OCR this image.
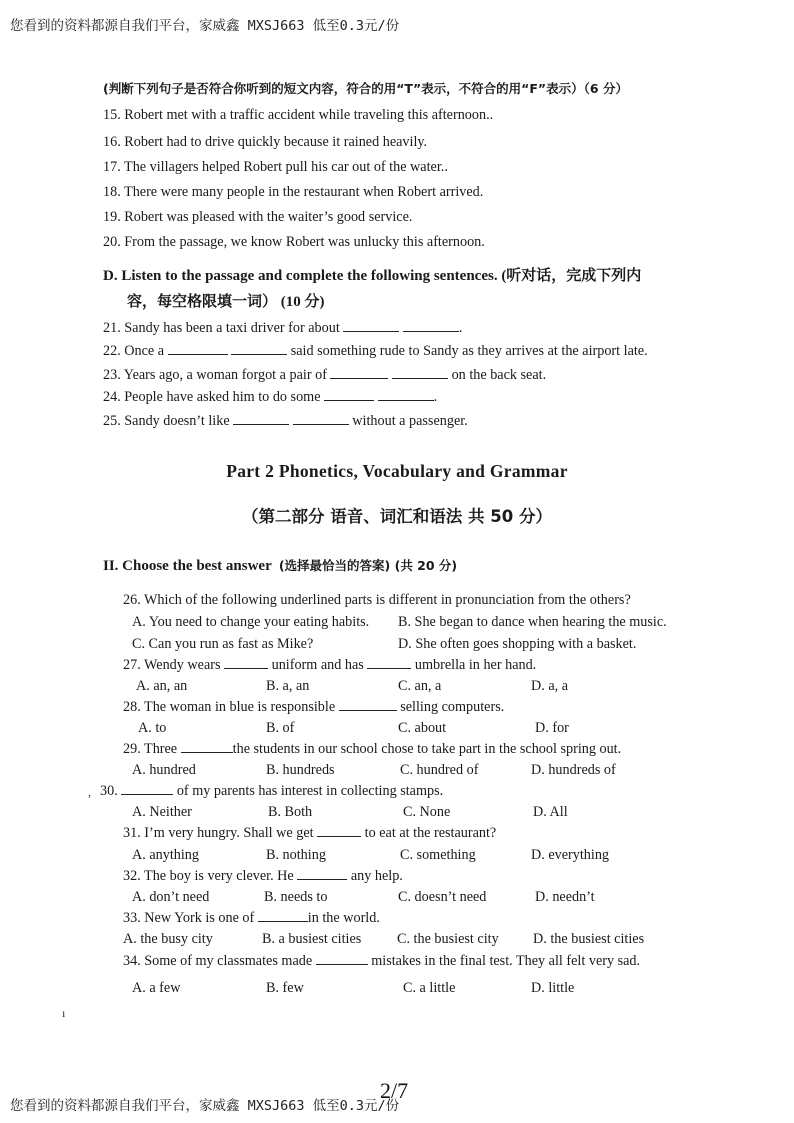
您看到的资料都源自我们平台，家威鑫 MXSJ663 低至0.3元/份
(判断下列句子是否符合你听到的短文内容，符合的用“T”表示，不符合的用“F”表示）（6 分）
15. Robert met with a traffic accident while traveling this afternoon..
16. Robert had to drive quickly because it rained heavily.
17. The villagers helped Robert pull his car out of the water..
18. There were many people in the restaurant when Robert arrived.
19. Robert was pleased with the waiter’s good service.
20. From the passage, we know Robert was unlucky this afternoon.
D. Listen to the passage and complete the following sentences. (听对话，完成下列内
容，每空格限填一词） (10 分)
21. Sandy has been a taxi driver for about	.
22. Once a	said something rude to Sandy as they arrives at the airport late.
23. Years ago, a woman forgot a pair of	on the back seat.
24. People have asked him to do some	.
25. Sandy doesn’t like	without a passenger.
Part 2 Phonetics, Vocabulary and Grammar
（第二部分 语音、词汇和语法 共 50 分）
II. Choose the best answer (选择最恰当的答案) (共 20 分)
26. Which of the following underlined parts is different in pronunciation from the others?
A. You need to change your eating habits. B. She began to dance when hearing the music.
C. Can you run as fast as Mike?	D. She often goes shopping with a basket.
27. Wendy wears	uniform and has	umbrella in her hand.
A. an, an	B. a, an	C. an, a	D. a, a
28. The woman in blue is responsible	selling computers.
A. to	B. of	C. about	D. for
29. Three	the students in our school chose to take part in the school spring out.
A. hundred	B. hundreds	C. hundred of	D. hundreds of
, 30.	of my parents has interest in collecting stamps.
A. Neither	B. Both	C. None	D. All
31. I’m very hungry. Shall we get	to eat at the restaurant?
A. anything	B. nothing	C. something	D. everything
32. The boy is very clever. He	any help.
A. don’t need	B. needs to	C. doesn’t need	D. needn’t
33. New York is one of	in the world.
A. the busy city	B. a busiest cities	C. the busiest city D. the busiest cities
34. Some of my classmates made	mistakes in the final test. They all felt very sad.
A. a few	B. few	C. a little	D. little
ı
2/7
您看到的资料都源自我们平台，家威鑫 MXSJ663 低至0.3元/份
